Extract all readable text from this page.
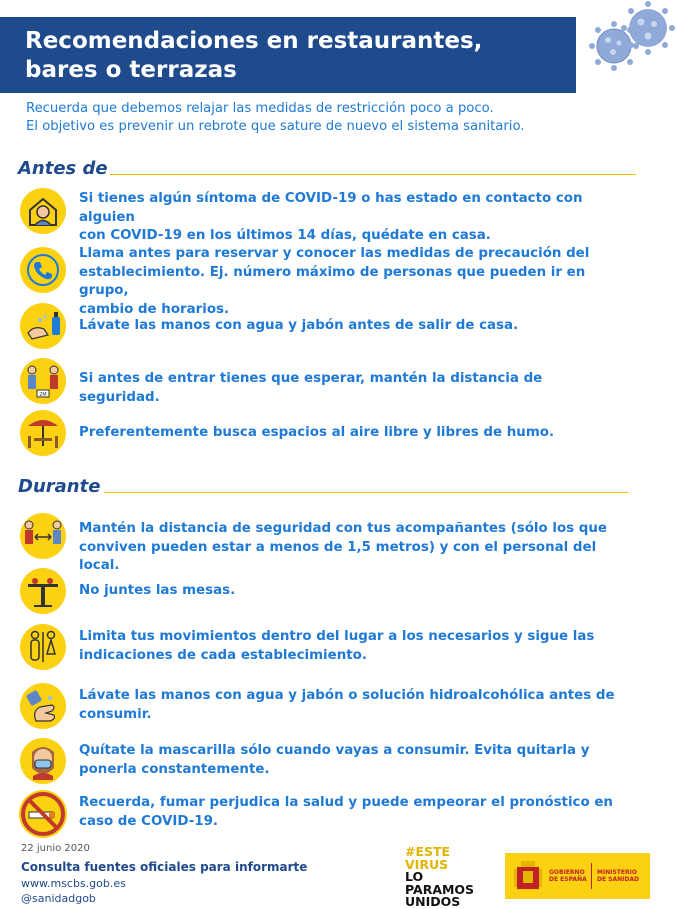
Recomendaciones en restaurantes,
bares o terrazas
Recuerda que debemos relajar las medidas de restricción poco a poco.
El objetivo es prevenir un rebrote que sature de nuevo el sistema sanitario.
Antes de
Si tienes algún síntoma de COVID-19 o has estado en contacto con alguien
con COVID-19 en los últimos 14 días, quédate en casa.
Llama antes para reservar y conocer las medidas de precaución del
establecimiento. Ej. número máximo de personas que pueden ir en grupo,
cambio de horarios.
Lávate las manos con agua y jabón antes de salir de casa.
2M
Si antes de entrar tienes que esperar, mantén la distancia de
seguridad.
Preferentemente busca espacios al aire libre y libres de humo.
Durante
Mantén la distancia de seguridad con tus acompañantes (sólo los que
conviven pueden estar a menos de 1,5 metros) y con el personal del local.
No juntes las mesas.
Limita tus movimientos dentro del lugar a los necesarios y sigue las
indicaciones de cada establecimiento.
Lávate las manos con agua y jabón o solución hidroalcohólica antes de
consumir.
Quítate la mascarilla sólo cuando vayas a consumir. Evita quitarla y
ponerla constantemente.
Recuerda, fumar perjudica la salud y puede empeorar el pronóstico en
caso de COVID-19.
22 junio 2020
Consulta fuentes oficiales para informarte
www.mscbs.gob.es
@sanidadgob
#ESTE
VIRUS
LO
PARAMOS
UNIDOS
GOBIERNO
DE ESPAÑA
MINISTERIO
DE SANIDAD
